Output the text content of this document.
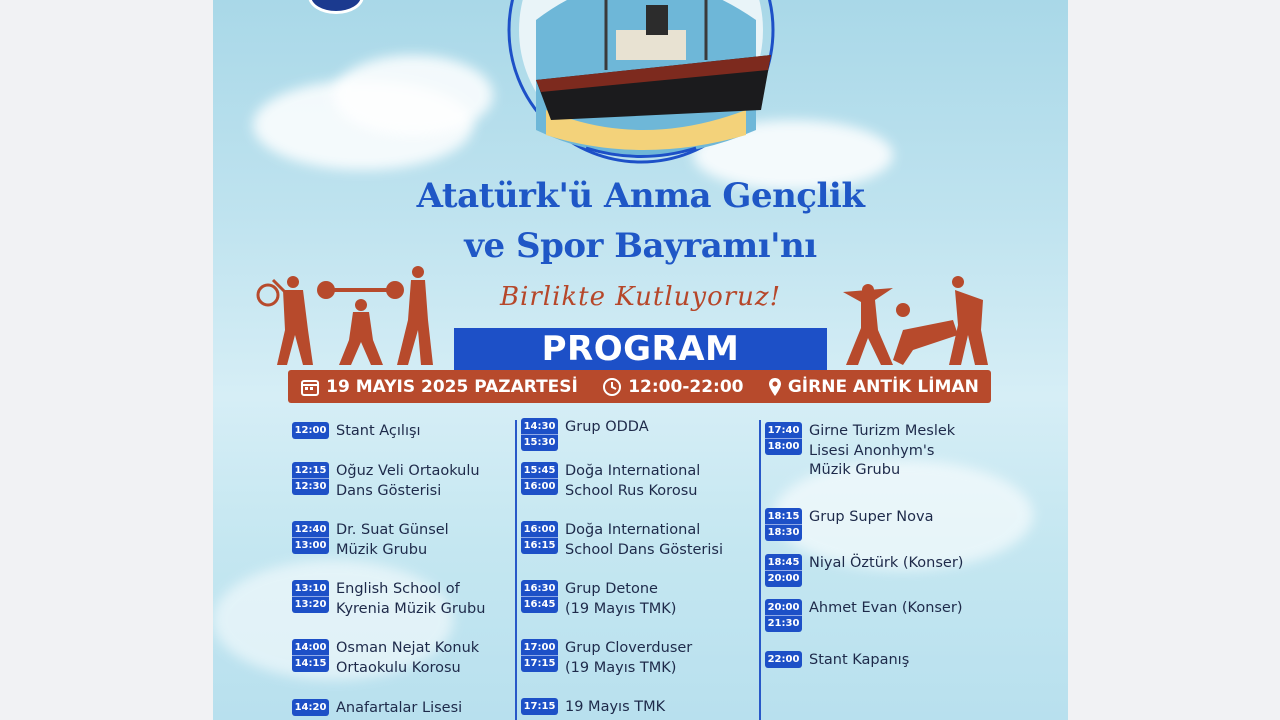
Atatürk'ü Anma Gençlik
ve Spor Bayramı'nı
Birlikte Kutluyoruz!
PROGRAM
19 MAYIS 2025 PAZARTESİ	12:00-22:00	GİRNE ANTİK LİMAN
12:00 Stant Açılışı
12:15
12:30
Oğuz Veli Ortaokulu
Dans Gösterisi
12:40
13:00
Dr. Suat Günsel
Müzik Grubu
13:10
13:20
English School of
Kyrenia Müzik Grubu
14:00
14:15
Osman Nejat Konuk
Ortaokulu Korosu
14:20 Anafartalar Lisesi
14:30
15:30
Grup ODDA
15:45
16:00
Doğa International
School Rus Korosu
16:00
16:15
Doğa International
School Dans Gösterisi
16:30
16:45
Grup Detone
(19 Mayıs TMK)
17:00
17:15
Grup Cloverduser
(19 Mayıs TMK)
17:15 19 Mayıs TMK
17:40
18:00
Girne Turizm Meslek
Lisesi Anonhym's
Müzik Grubu
18:15
18:30
Grup Super Nova
18:45
20:00
Niyal Öztürk (Konser)
20:00
21:30
Ahmet Evan (Konser)
22:00 Stant Kapanış
